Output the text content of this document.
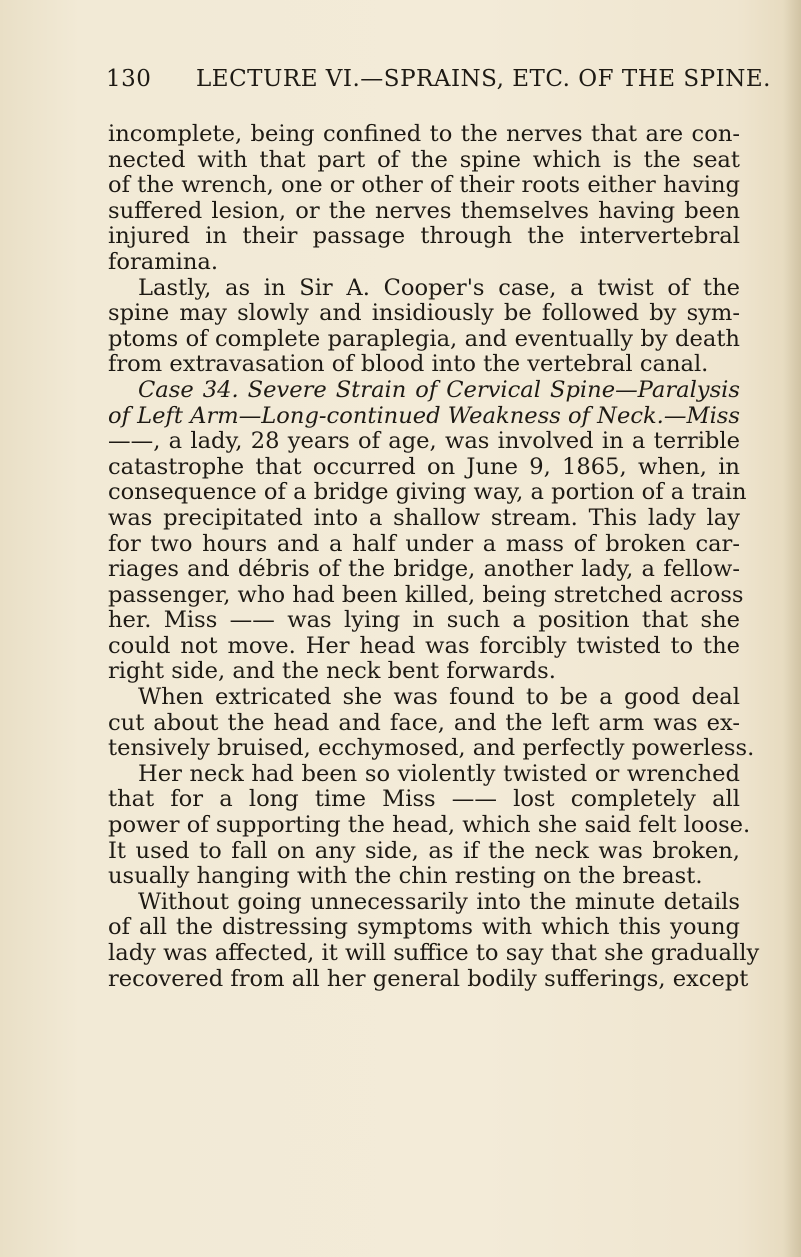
130 LECTURE VI.—SPRAINS, ETC. OF THE SPINE.
incomplete, being confined to the nerves that are con-
nected with that part of the spine which is the seat
of the wrench, one or other of their roots either having
suffered lesion, or the nerves themselves having been
injured in their passage through the intervertebral
foramina.
Lastly, as in Sir A. Cooper's case, a twist of the
spine may slowly and insidiously be followed by sym-
ptoms of complete paraplegia, and eventually by death
from extravasation of blood into the vertebral canal.
Case 34. Severe Strain of Cervical Spine—Paralysis
of Left Arm—Long-continued Weakness of Neck.—Miss
——, a lady, 28 years of age, was involved in a terrible
catastrophe that occurred on June 9, 1865, when, in
consequence of a bridge giving way, a portion of a train
was precipitated into a shallow stream. This lady lay
for two hours and a half under a mass of broken car-
riages and débris of the bridge, another lady, a fellow-
passenger, who had been killed, being stretched across
her. Miss —— was lying in such a position that she
could not move. Her head was forcibly twisted to the
right side, and the neck bent forwards.
When extricated she was found to be a good deal
cut about the head and face, and the left arm was ex-
tensively bruised, ecchymosed, and perfectly powerless.
Her neck had been so violently twisted or wrenched
that for a long time Miss —— lost completely all
power of supporting the head, which she said felt loose.
It used to fall on any side, as if the neck was broken,
usually hanging with the chin resting on the breast.
Without going unnecessarily into the minute details
of all the distressing symptoms with which this young
lady was affected, it will suffice to say that she gradually
recovered from all her general bodily sufferings, except
